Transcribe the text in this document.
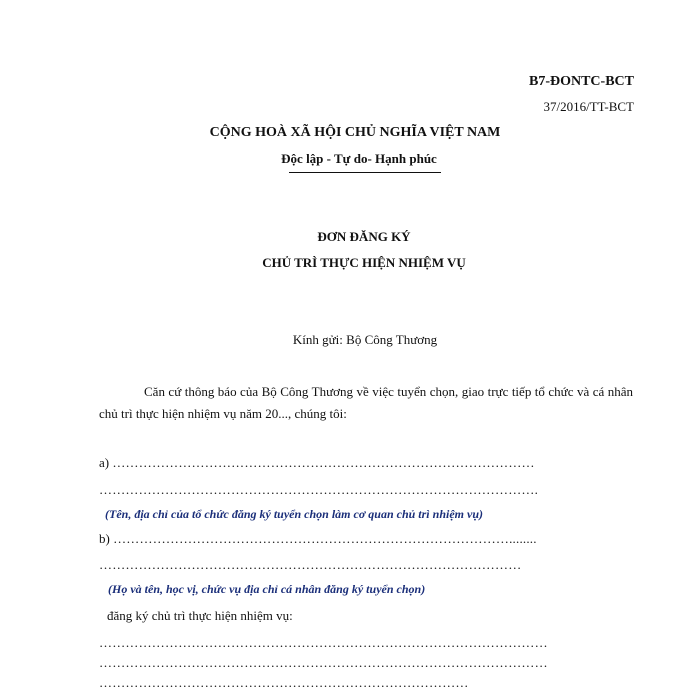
B7-ĐONTC-BCT
37/2016/TT-BCT
CỘNG HOÀ XÃ HỘI CHỦ NGHĨA VIỆT NAM
Độc lập - Tự do- Hạnh phúc
ĐƠN ĐĂNG KÝ
CHỦ TRÌ THỰC HIỆN NHIỆM VỤ
Kính gửi: Bộ Công Thương
Căn cứ thông báo của Bộ Công Thương về việc tuyển chọn, giao trực tiếp tổ chức và cá nhân chủ trì thực hiện nhiệm vụ năm 20..., chúng tôi:
a) ……………………………………………………………………………………
……………………………………………………………………………………….
(Tên, địa chỉ của tổ chức đăng ký tuyển chọn làm cơ quan chủ trì nhiệm vụ)
b) ………………………………………………………………………………........
……………………………………………………………………………………
(Họ và tên, học vị, chức vụ địa chỉ cá nhân đăng ký tuyển chọn)
đăng ký chủ trì thực hiện nhiệm vụ:
…………………………………………………………………………………………
…………………………………………………………………………………………
…………………………………………………………………………
